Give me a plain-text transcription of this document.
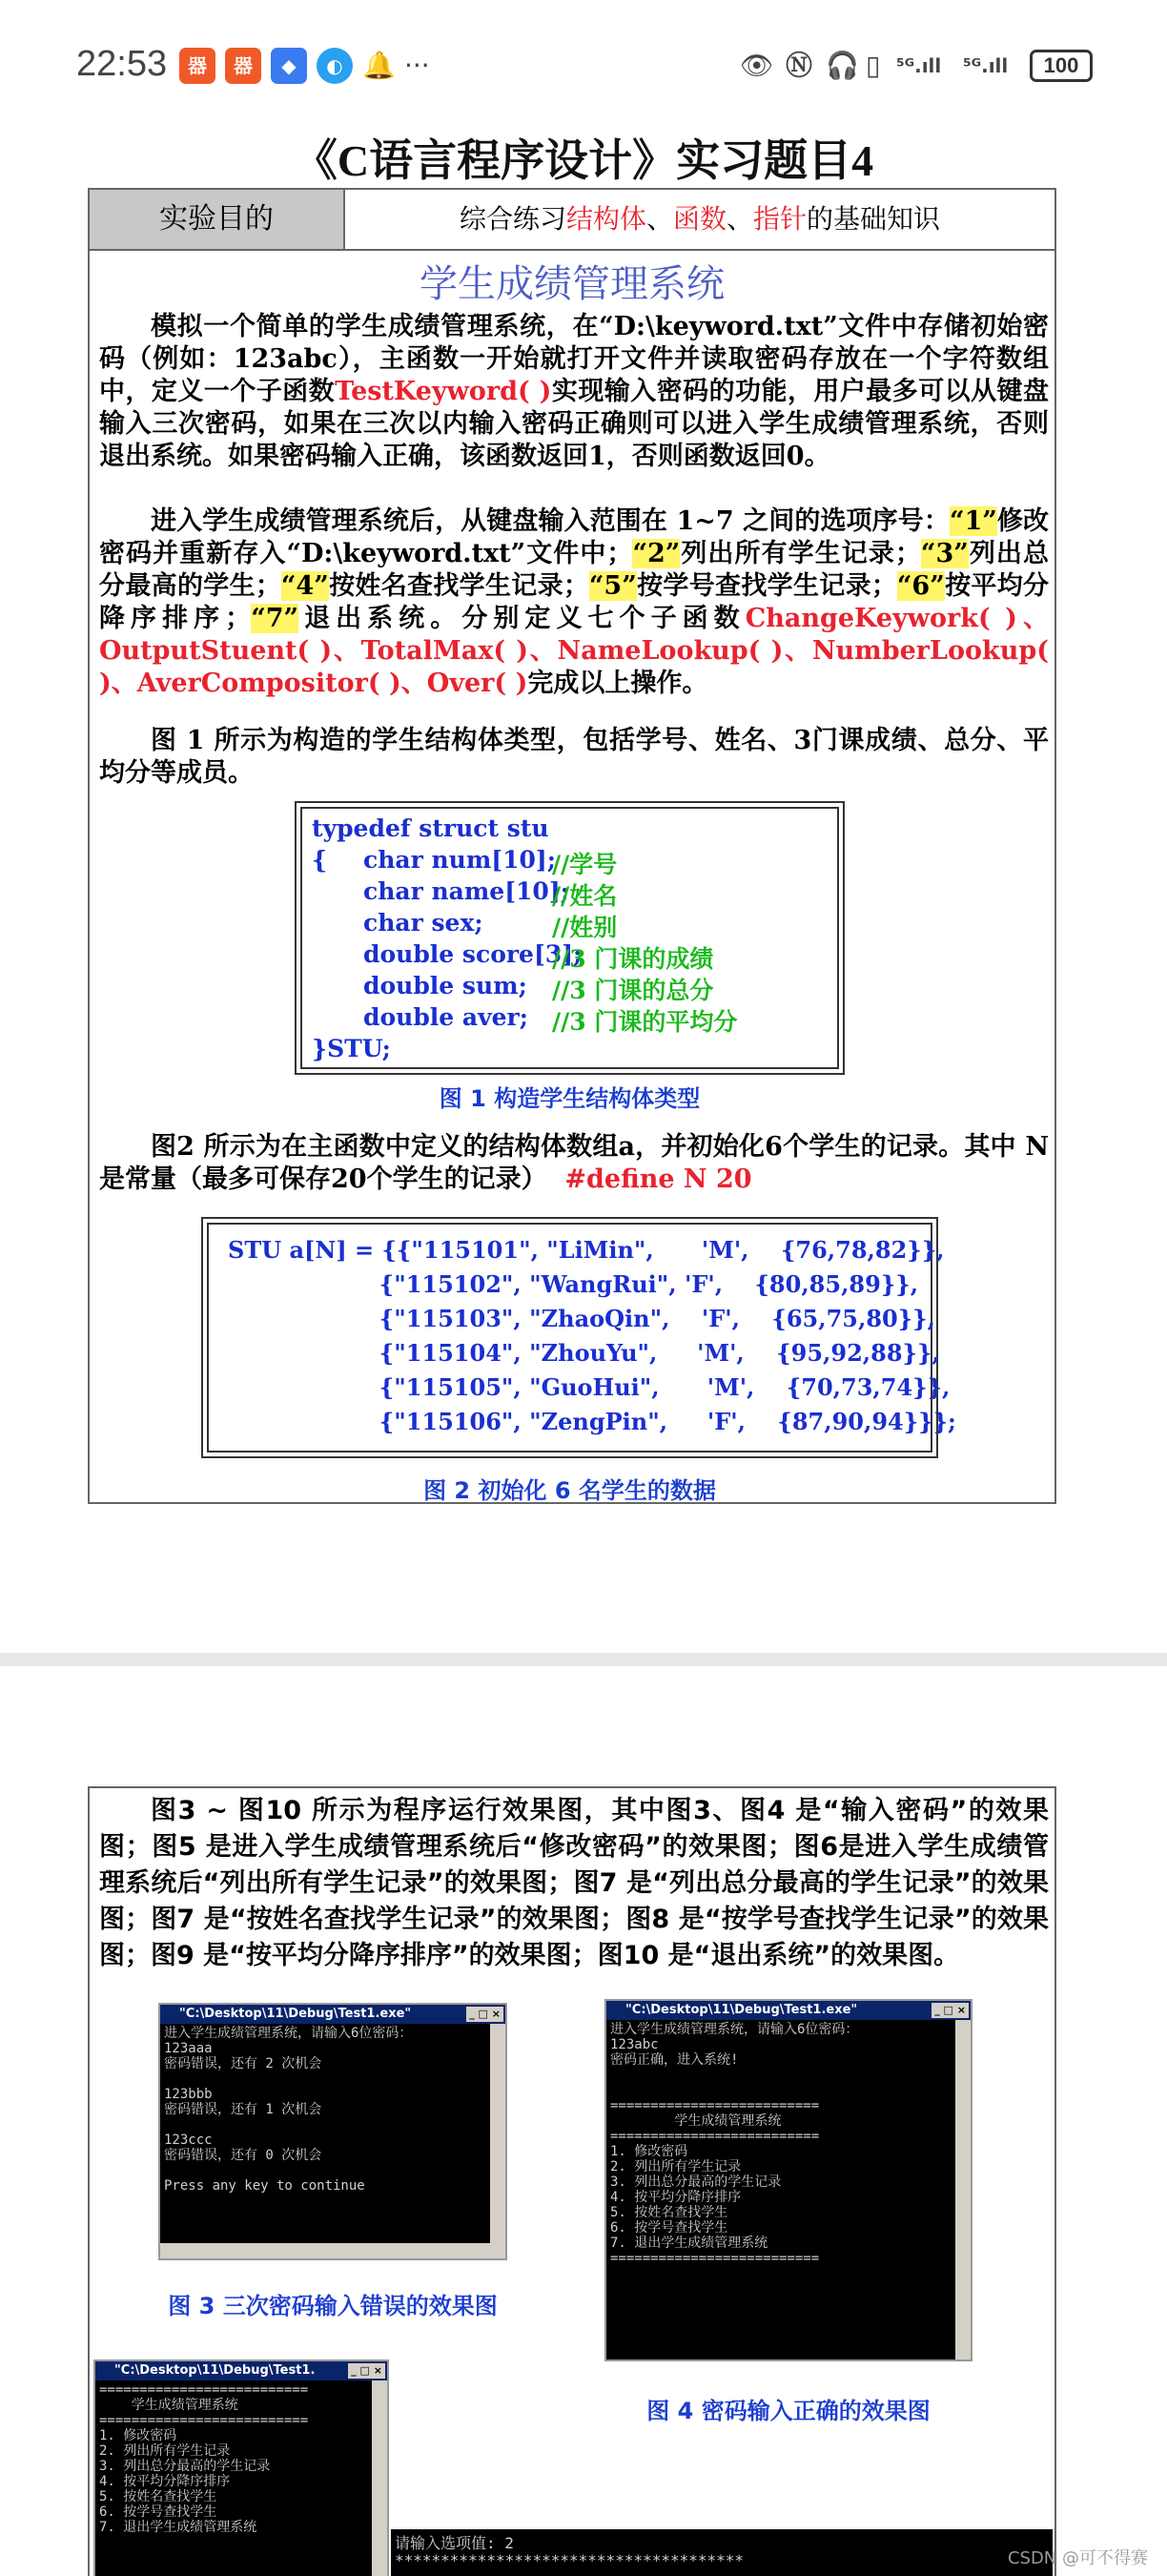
22:53	器	器	◆	◐ 🔔 ···	👁 Ⓝ 🎧 ▯ ⁵ᴳ.ıll ⁵ᴳ.ıll	100
《C语言程序设计》实习题目4
实验目的	综合练习结构体、函数、指针的基础知识
学生成绩管理系统
模拟一个简单的学生成绩管理系统，在“D:\keyword.txt”文件中存储初始密码（例如：123abc），主函数一开始就打开文件并读取密码存放在一个字符数组中，定义一个子函数TestKeyword( )实现输入密码的功能，用户最多可以从键盘输入三次密码，如果在三次以内输入密码正确则可以进入学生成绩管理系统，否则退出系统。如果密码输入正确，该函数返回1，否则函数返回0。
进入学生成绩管理系统后，从键盘输入范围在 1~7 之间的选项序号：“1”修改密码并重新存入“D:\keyword.txt”文件中；“2”列出所有学生记录；“3”列出总分最高的学生；“4”按姓名查找学生记录；“5”按学号查找学生记录；“6”按平均分降序排序；“7”退出系统。分别定义七个子函数ChangeKeywork( )、OutputStuent( )、TotalMax( )、NameLookup( )、NumberLookup( )、AverCompositor( )、Over( )完成以上操作。
图 1 所示为构造的学生结构体类型，包括学号、姓名、3门课成绩、总分、平均分等成员。
typedef struct stu
{ char num[10];
//学号
char name[10];
//姓名
char sex;	//姓别
double score[3];
//3 门课的成绩
double sum; //3 门课的总分
double aver; //3 门课的平均分
}STU;
图 1 构造学生结构体类型
图2 所示为在主函数中定义的结构体数组a，并初始化6个学生的记录。其中 N 是常量（最多可保存20个学生的记录） #define N 20
STU a[N] = {{"115101", "LiMin",      'M',    {76,78,82}},
{"115102", "WangRui", 'F',    {80,85,89}},
{"115103", "ZhaoQin",    'F',    {65,75,80}},
{"115104", "ZhouYu",     'M',    {95,92,88}},
{"115105", "GuoHui",      'M',    {70,73,74}},
{"115106", "ZengPin",     'F',    {87,90,94}}};
图 2 初始化 6 名学生的数据
图3 ~ 图10 所示为程序运行效果图，其中图3、图4 是“输入密码”的效果图；图5 是进入学生成绩管理系统后“修改密码”的效果图；图6是进入学生成绩管理系统后“列出所有学生记录”的效果图；图7 是“列出总分最高的学生记录”的效果图；图7 是“按姓名查找学生记录”的效果图；图8 是“按学号查找学生记录”的效果图；图9 是“按平均分降序排序”的效果图；图10 是“退出系统”的效果图。
"C:\Desktop\11\Debug\Test1.exe"	_ □ ×
进入学生成绩管理系统，请输入6位密码：
123aaa
密码错误，还有 2 次机会

123bbb
密码错误，还有 1 次机会

123ccc
密码错误，还有 0 次机会

Press any key to continue
图 3 三次密码输入错误的效果图
"C:\Desktop\11\Debug\Test1.exe"	_ □ ×
进入学生成绩管理系统，请输入6位密码：
123abc
密码正确，进入系统!

==========================
学生成绩管理系统
==========================
1. 修改密码
2. 列出所有学生记录
3. 列出总分最高的学生记录
4. 按平均分降序排序
5. 按姓名查找学生
6. 按学号查找学生
7. 退出学生成绩管理系统
==========================
图 4 密码输入正确的效果图
"C:\Desktop\11\Debug\Test1.	_ □ ×
==========================
学生成绩管理系统
==========================
1. 修改密码
2. 列出所有学生记录
3. 列出总分最高的学生记录
4. 按平均分降序排序
5. 按姓名查找学生
6. 按学号查找学生
7. 退出学生成绩管理系统
请输入选项值: 2
**************************************	CSDN @可不得赛
